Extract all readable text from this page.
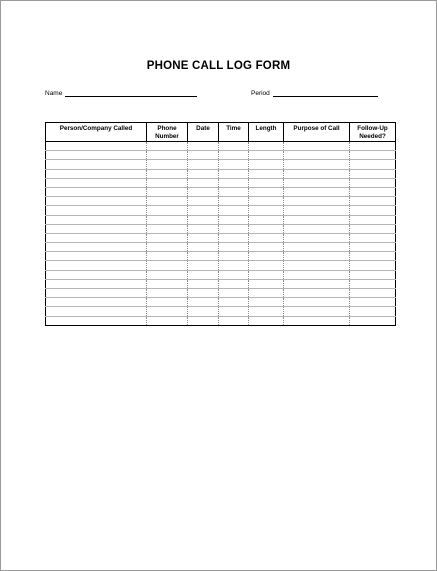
PHONE CALL LOG FORM
Name	Period
Person/Company Called	Phone Number	Date	Time	Length	Purpose of Call	Follow-Up Needed?
